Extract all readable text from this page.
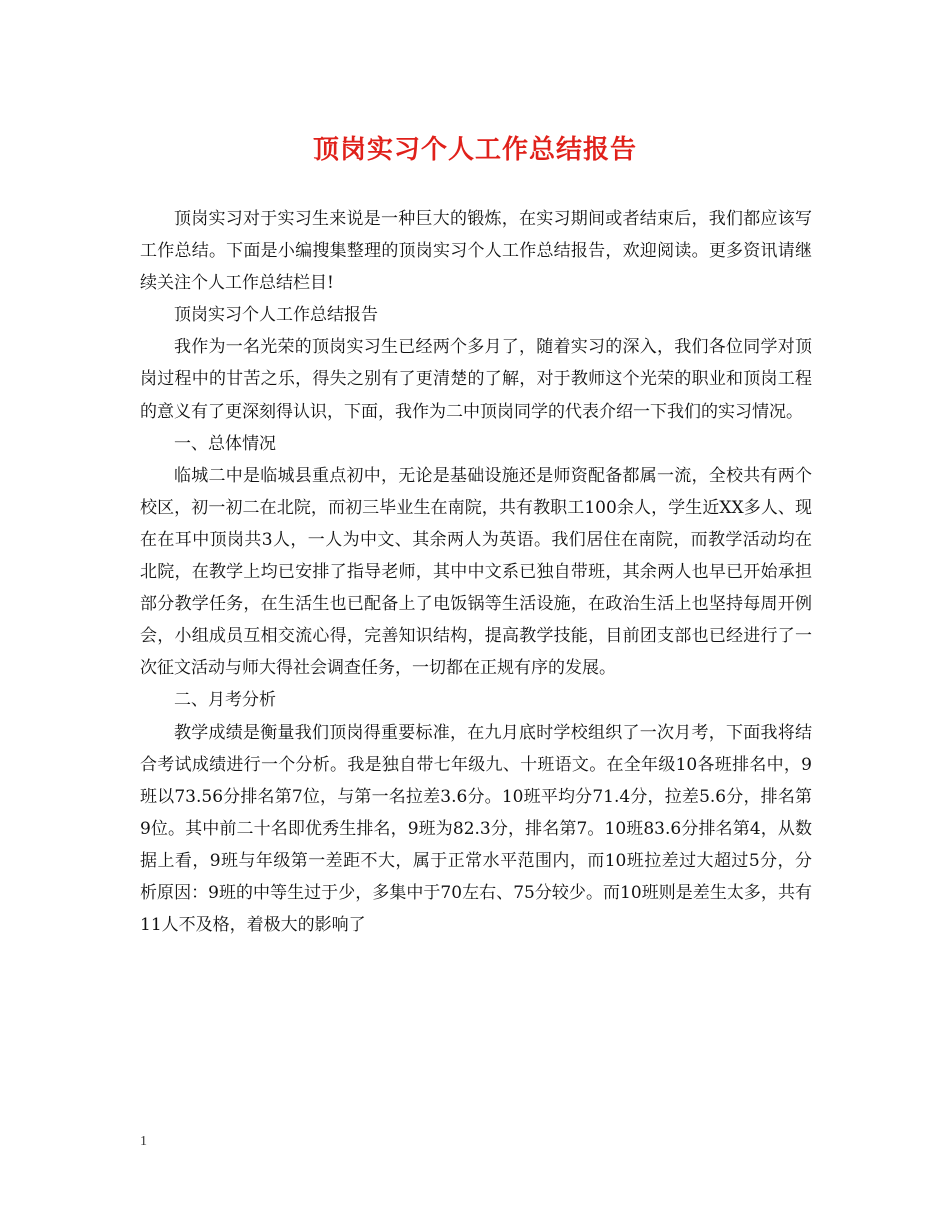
顶岗实习个人工作总结报告

顶岗实习对于实习生来说是一种巨大的锻炼，在实习期间或者结束后，我们都应该写工作总结。下面是小编搜集整理的顶岗实习个人工作总结报告，欢迎阅读。更多资讯请继续关注个人工作总结栏目!

顶岗实习个人工作总结报告

我作为一名光荣的顶岗实习生已经两个多月了，随着实习的深入，我们各位同学对顶岗过程中的甘苦之乐，得失之别有了更清楚的了解，对于教师这个光荣的职业和顶岗工程的意义有了更深刻得认识，下面，我作为二中顶岗同学的代表介绍一下我们的实习情况。

一、总体情况

临城二中是临城县重点初中，无论是基础设施还是师资配备都属一流，全校共有两个校区，初一初二在北院，而初三毕业生在南院，共有教职工100余人，学生近XX多人、现在在耳中顶岗共3人，一人为中文、其余两人为英语。我们居住在南院，而教学活动均在北院，在教学上均已安排了指导老师，其中中文系已独自带班，其余两人也早已开始承担部分教学任务，在生活生也已配备上了电饭锅等生活设施，在政治生活上也坚持每周开例会，小组成员互相交流心得，完善知识结构，提高教学技能，目前团支部也已经进行了一次征文活动与师大得社会调查任务，一切都在正规有序的发展。

二、月考分析

教学成绩是衡量我们顶岗得重要标准，在九月底时学校组织了一次月考，下面我将结合考试成绩进行一个分析。我是独自带七年级九、十班语文。在全年级10各班排名中，9班以73.56分排名第7位，与第一名拉差3.6分。10班平均分71.4分，拉差5.6分，排名第9位。其中前二十名即优秀生排名，9班为82.3分，排名第7。10班83.6分排名第4，从数据上看，9班与年级第一差距不大，属于正常水平范围内，而10班拉差过大超过5分，分析原因：9班的中等生过于少，多集中于70左右、75分较少。而10班则是差生太多，共有11人不及格，着极大的影响了

1
